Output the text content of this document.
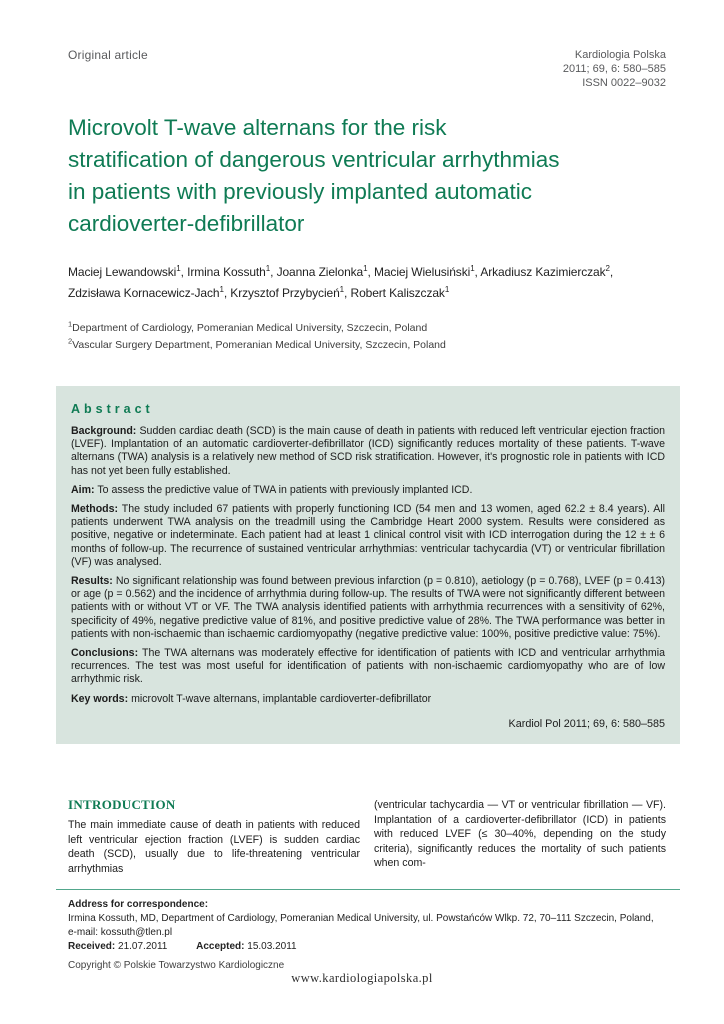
Original article	Kardiologia Polska
2011; 69, 6: 580–585
ISSN 0022–9032
Microvolt T-wave alternans for the risk
stratification of dangerous ventricular arrhythmias
in patients with previously implanted automatic
cardioverter-defibrillator
Maciej Lewandowski$^1$, Irmina Kossuth$^1$, Joanna Zielonka$^1$, Maciej Wielusiński$^1$, Arkadiusz Kazimierczak$^2$,
Zdzisława Kornacewicz-Jach$^1$, Krzysztof Przybycień$^1$, Robert Kaliszczak$^1$
$^1$Department of Cardiology, Pomeranian Medical University, Szczecin, Poland
$^2$Vascular Surgery Department, Pomeranian Medical University, Szczecin, Poland
Abstract

Background: Sudden cardiac death (SCD) is the main cause of death in patients with reduced left ventricular ejection fraction (LVEF). Implantation of an automatic cardioverter-defibrillator (ICD) significantly reduces mortality of these patients. T-wave alternans (TWA) analysis is a relatively new method of SCD risk stratification. However, it's prognostic role in patients with ICD has not yet been fully established.

Aim: To assess the predictive value of TWA in patients with previously implanted ICD.

Methods: The study included 67 patients with properly functioning ICD (54 men and 13 women, aged 62.2 ± 8.4 years). All patients underwent TWA analysis on the treadmill using the Cambridge Heart 2000 system. Results were considered as positive, negative or indeterminate. Each patient had at least 1 clinical control visit with ICD interrogation during the 12 ± ± 6 months of follow-up. The recurrence of sustained ventricular arrhythmias: ventricular tachycardia (VT) or ventricular fibrillation (VF) was analysed.

Results: No significant relationship was found between previous infarction (p = 0.810), aetiology (p = 0.768), LVEF (p = 0.413) or age (p = 0.562) and the incidence of arrhythmia during follow-up. The results of TWA were not significantly different between patients with or without VT or VF. The TWA analysis identified patients with arrhythmia recurrences with a sensitivity of 62%, specificity of 49%, negative predictive value of 81%, and positive predictive value of 28%. The TWA performance was better in patients with non-ischaemic than ischaemic cardiomyopathy (negative predictive value: 100%, positive predictive value: 75%).

Conclusions: The TWA alternans was moderately effective for identification of patients with ICD and ventricular arrhythmia recurrences. The test was most useful for identification of patients with non-ischaemic cardiomyopathy who are of low arrhythmic risk.

Key words: microvolt T-wave alternans, implantable cardioverter-defibrillator

Kardiol Pol 2011; 69, 6: 580–585
INTRODUCTION
The main immediate cause of death in patients with reduced left ventricular ejection fraction (LVEF) is sudden cardiac death (SCD), usually due to life-threatening ventricular arrhythmias
(ventricular tachycardia — VT or ventricular fibrillation — VF). Implantation of a cardioverter-defibrillator (ICD) in patients with reduced LVEF (≤ 30–40%, depending on the study criteria), significantly reduces the mortality of such patients when com-
Address for correspondence:
Irmina Kossuth, MD, Department of Cardiology, Pomeranian Medical University, ul. Powstańców Wlkp. 72, 70–111 Szczecin, Poland,
e-mail: kossuth@tlen.pl
Received: 21.07.2011	Accepted: 15.03.2011
Copyright © Polskie Towarzystwo Kardiologiczne
www.kardiologiapolska.pl
